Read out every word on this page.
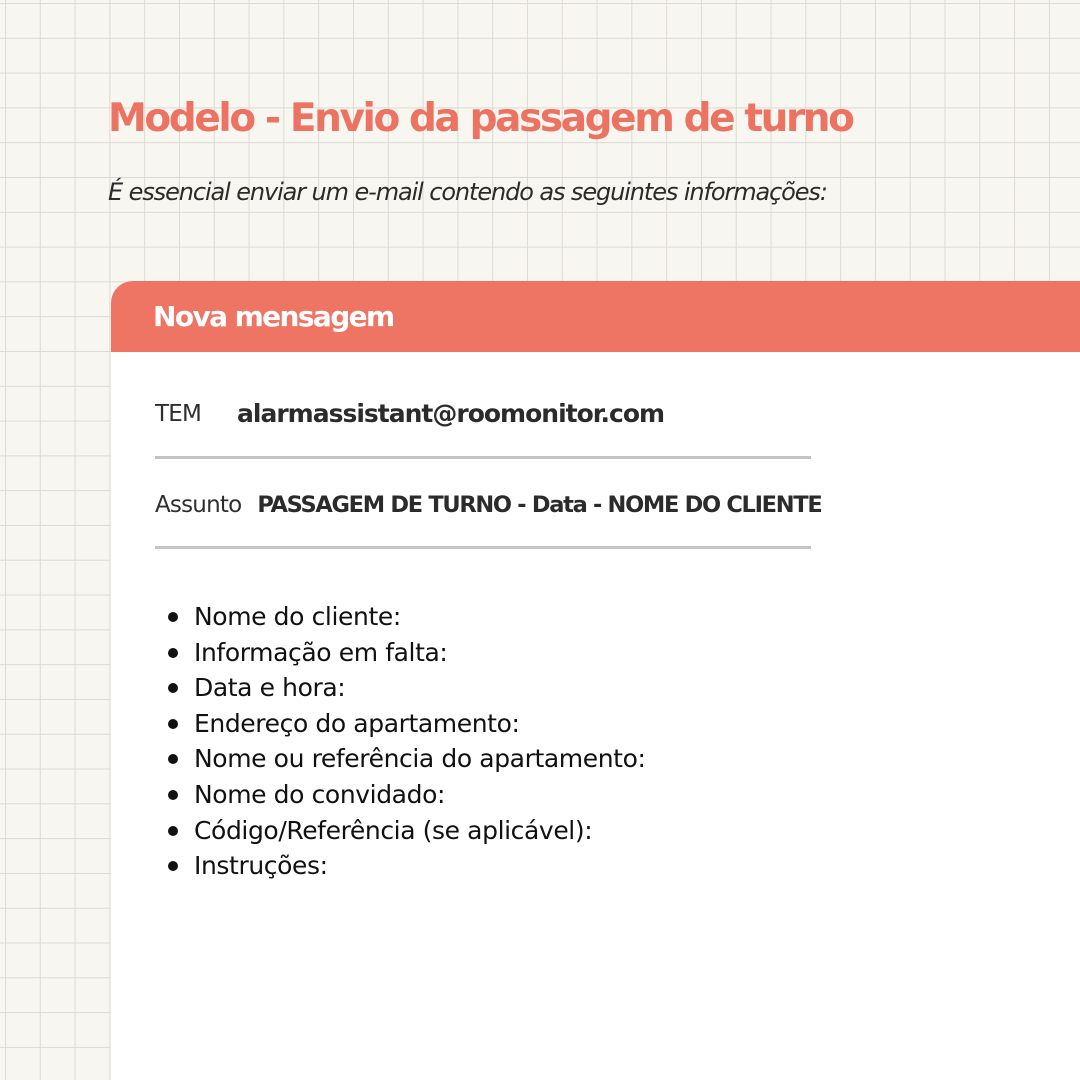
Modelo - Envio da passagem de turno

É essencial enviar um e-mail contendo as seguintes informações:

Nova mensagem
TEM alarmassistant@roomonitor.com
Assunto PASSAGEM DE TURNO - Data - NOME DO CLIENTE
Nome do cliente:
Informação em falta:
Data e hora:
Endereço do apartamento:
Nome ou referência do apartamento:
Nome do convidado:
Código/Referência (se aplicável):
Instruções:
